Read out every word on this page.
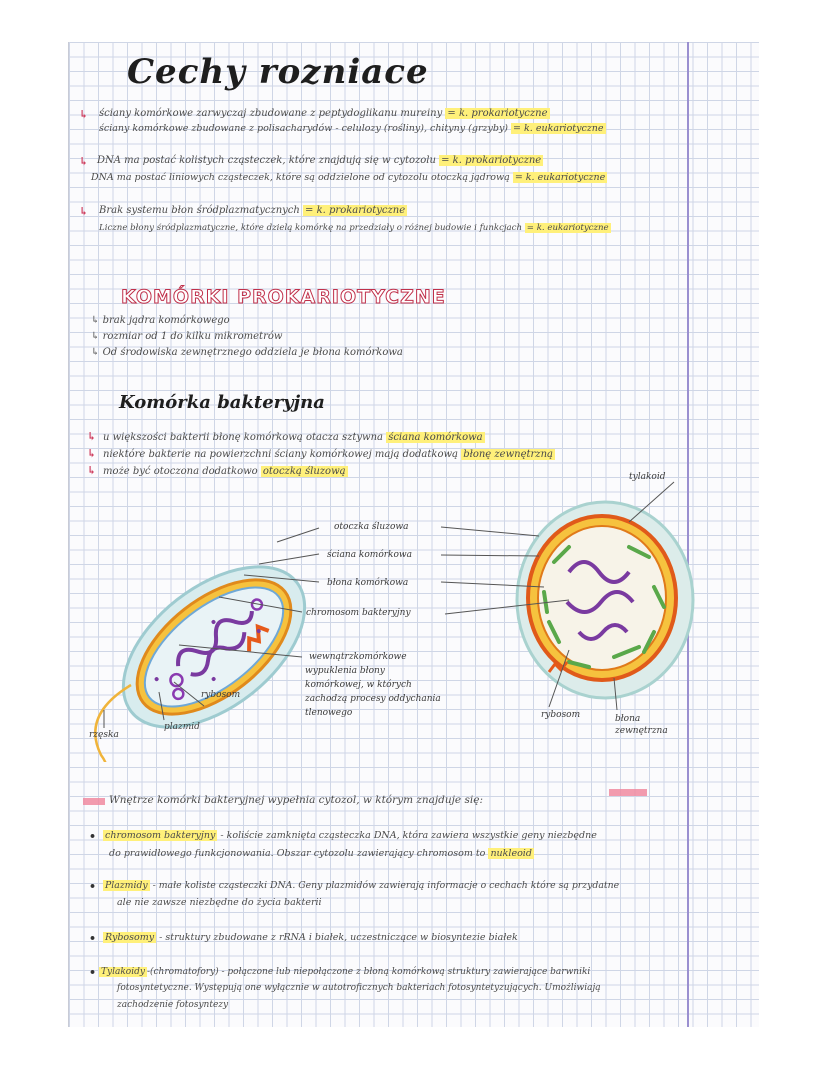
Cechy rozniace
↳ ściany komórkowe zarwyczaj zbudowane z peptydoglikanu mureiny = k. prokariotyczne
ściany komórkowe zbudowane z polisacharydów - celulozy (rośliny), chityny (grzyby) = k. eukariotyczne
↳ DNA ma postać kolistych cząsteczek, które znajdują się w cytozolu = k. prokariotyczne
DNA ma postać liniowych cząsteczek, które są oddzielone od cytozolu otoczką jądrową = k. eukariotyczne
↳ Brak systemu błon śródplazmatycznych = k. prokariotyczne
Liczne błony śródplazmatyczne, które dzielą komórkę na przedziały o różnej budowie i funkcjach = k. eukariotyczne
KOMÓRKI PROKARIOTYCZNE
↳ brak jądra komórkowego
↳ rozmiar od 1 do kilku mikrometrów
↳ Od środowiska zewnętrznego oddziela je błona komórkowa
Komórka bakteryjna
↳ u większości bakterii błonę komórkową otacza sztywna ściana komórkowa
↳ niektóre bakterie na powierzchni ściany komórkowej mają dodatkową błonę zewnętrzną
↳ może być otoczona dodatkowo otoczką śluzową	tylakoid
otoczka śluzowa
ściana komórkowa
błona komórkowa
chromosom bakteryjny
wewnątrzkomórkowe
wypuklenia błony
komórkowej, w których
zachodzą procesy oddychania
tlenowego
rybosom
plazmid
rzęska
rybosom	błona
zewnętrzna
Wnętrze komórki bakteryjnej wypełnia cytozol, w którym znajduje się:
• chromosom bakteryjny - koliście zamknięta cząsteczka DNA, która zawiera wszystkie geny niezbędne
do prawidłowego funkcjonowania. Obszar cytozolu zawierający chromosom to nukleoid
• Plazmidy - małe koliste cząsteczki DNA. Geny plazmidów zawierają informacje o cechach które są przydatne
ale nie zawsze niezbędne do życia bakterii
• Rybosomy - struktury zbudowane z rRNA i białek, uczestniczące w biosyntezie białek
• Tylakoidy -(chromatofory) - połączone lub niepołączone z błoną komórkową struktury zawierające barwniki
fotosyntetyczne. Występują one wyłącznie w autotroficznych bakteriach fotosyntetyzujących. Umożliwiają
zachodzenie fotosyntezy
